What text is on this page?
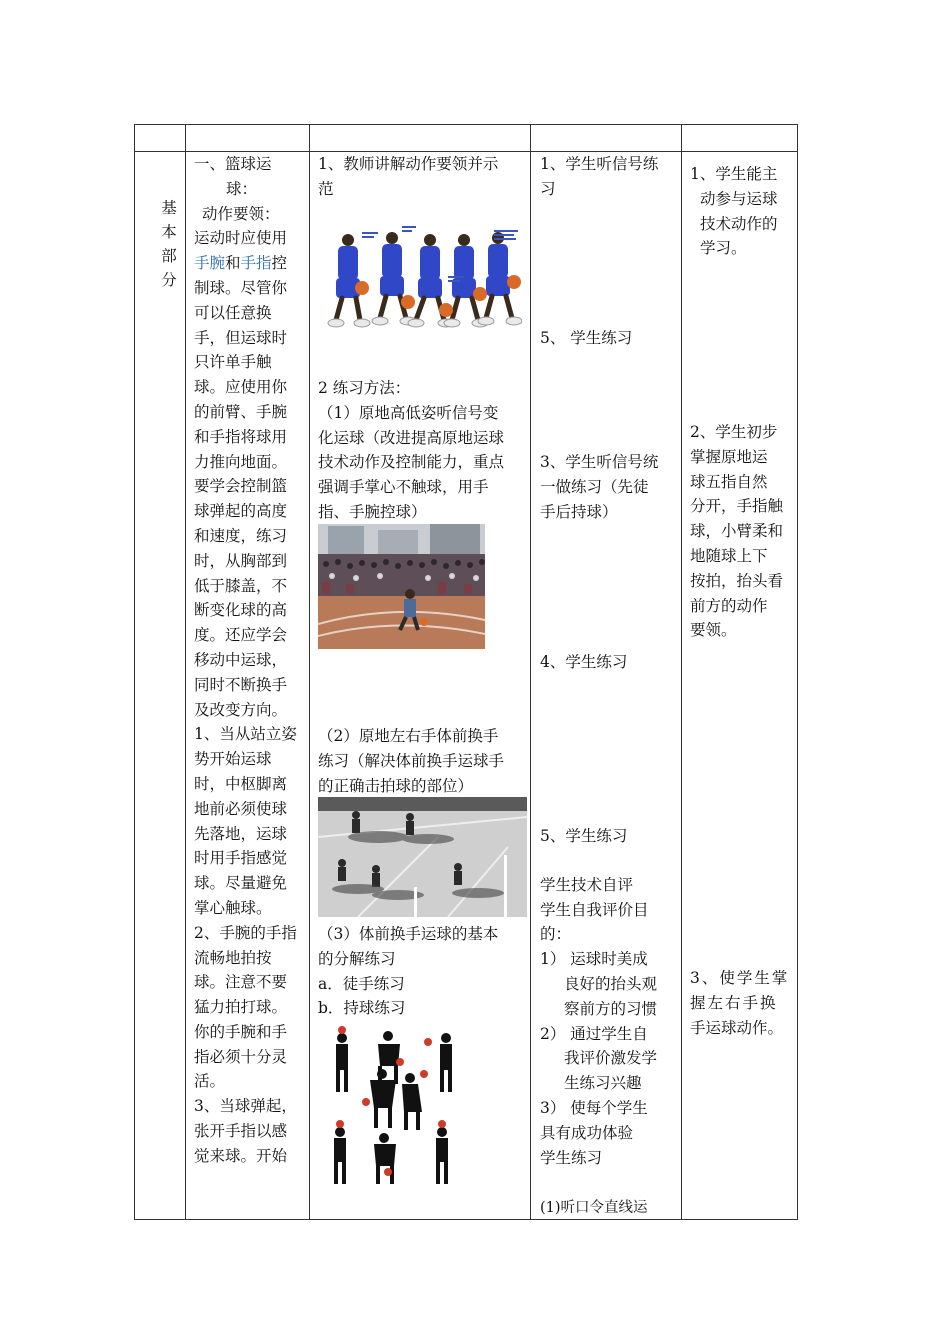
基
本
部
分
一、篮球运
球：
动作要领：
运动时应使用
手腕和手指控
制球。尽管你
可以任意换
手，但运球时
只许单手触
球。应使用你
的前臂、手腕
和手指将球用
力推向地面。
要学会控制篮
球弹起的高度
和速度，练习
时，从胸部到
低于膝盖，不
断变化球的高
度。还应学会
移动中运球，
同时不断换手
及改变方向。
1、当从站立姿
势开始运球
时，中枢脚离
地前必须使球
先落地，运球
时用手指感觉
球。尽量避免
掌心触球。
2、手腕的手指
流畅地拍按
球。注意不要
猛力拍打球。
你的手腕和手
指必须十分灵
活。
3、当球弹起，
张开手指以感
觉来球。开始
1、教师讲解动作要领并示
范
2 练习方法：
（1）原地高低姿听信号变
化运球（改进提高原地运球
技术动作及控制能力，重点
强调手掌心不触球，用手
指、手腕控球）
（2）原地左右手体前换手
练习（解决体前换手运球手
的正确击拍球的部位）
（3）体前换手运球的基本
的分解练习
a．徒手练习
b．持球练习
1、学生听信号练
习
5、 学生练习
3、学生听信号统
一做练习（先徒
手后持球）
4、学生练习
5、学生练习
学生技术自评
学生自我评价目
的：
1） 运球时美成
良好的抬头观
察前方的习惯
2） 通过学生自
我评价激发学
生练习兴趣
3） 使每个学生
具有成功体验
学生练习
(1)听口令直线运
1、学生能主
动参与运球
技术动作的
学习。
2、学生初步
掌握原地运
球五指自然
分开，手指触
球，小臂柔和
地随球上下
按拍，抬头看
前方的动作
要领。
3、使学生掌
握左右手换
手运球动作。
